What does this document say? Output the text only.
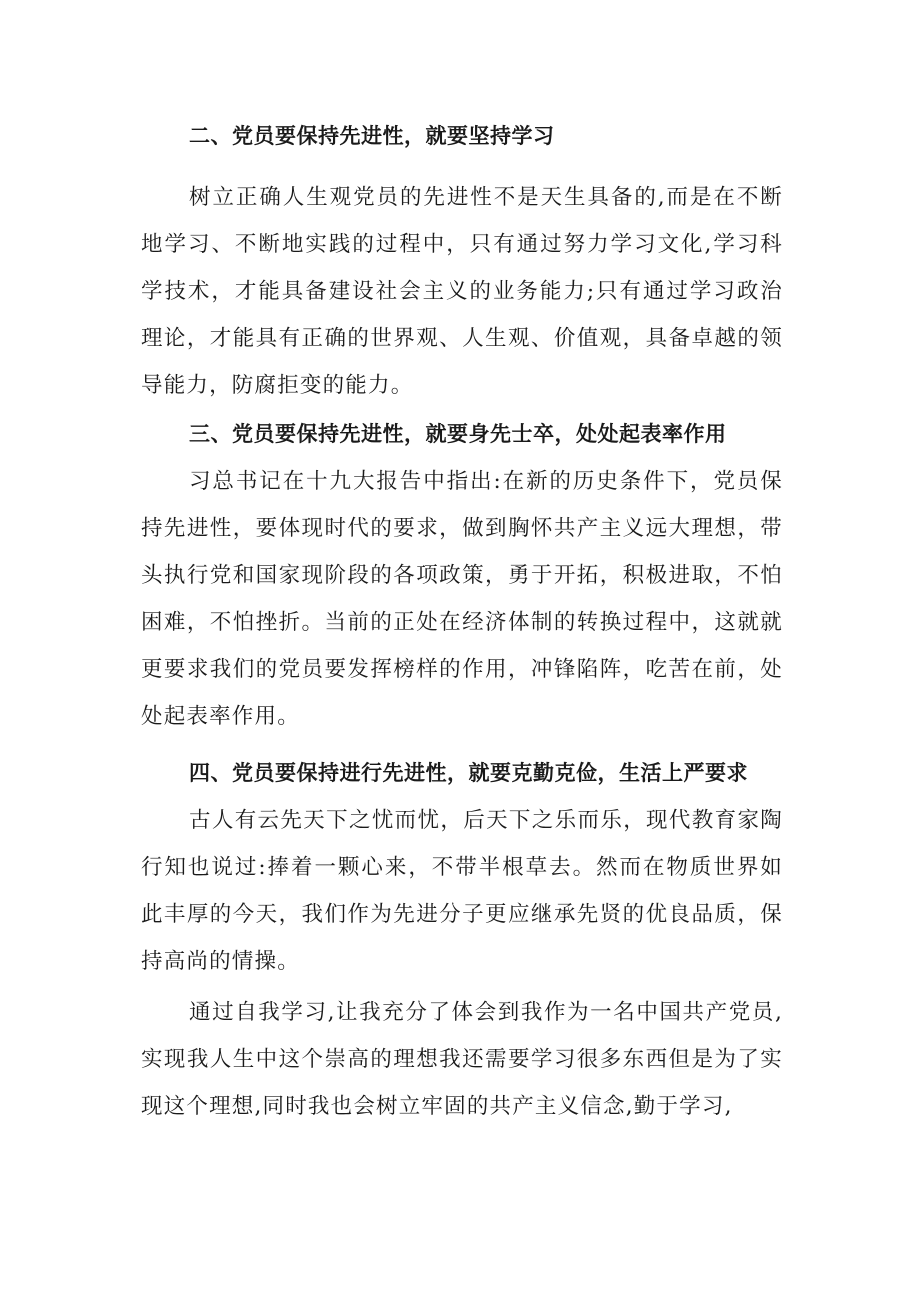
二、党员要保持先进性，就要坚持学习

树立正确人生观党员的先进性不是天生具备的,而是在不断地学习、不断地实践的过程中，只有通过努力学习文化,学习科学技术，才能具备建设社会主义的业务能力;只有通过学习政治理论，才能具有正确的世界观、人生观、价值观，具备卓越的领导能力，防腐拒变的能力。

三、党员要保持先进性，就要身先士卒，处处起表率作用

习总书记在十九大报告中指出:在新的历史条件下，党员保持先进性，要体现时代的要求，做到胸怀共产主义远大理想，带头执行党和国家现阶段的各项政策，勇于开拓，积极进取，不怕困难，不怕挫折。当前的正处在经济体制的转换过程中，这就就更要求我们的党员要发挥榜样的作用，冲锋陷阵，吃苦在前，处处起表率作用。

四、党员要保持进行先进性，就要克勤克俭，生活上严要求

古人有云先天下之忧而忧，后天下之乐而乐，现代教育家陶行知也说过:捧着一颗心来，不带半根草去。然而在物质世界如此丰厚的今天，我们作为先进分子更应继承先贤的优良品质，保持高尚的情操。

通过自我学习,让我充分了体会到我作为一名中国共产党员,实现我人生中这个崇高的理想我还需要学习很多东西但是为了实现这个理想,同时我也会树立牢固的共产主义信念,勤于学习,
